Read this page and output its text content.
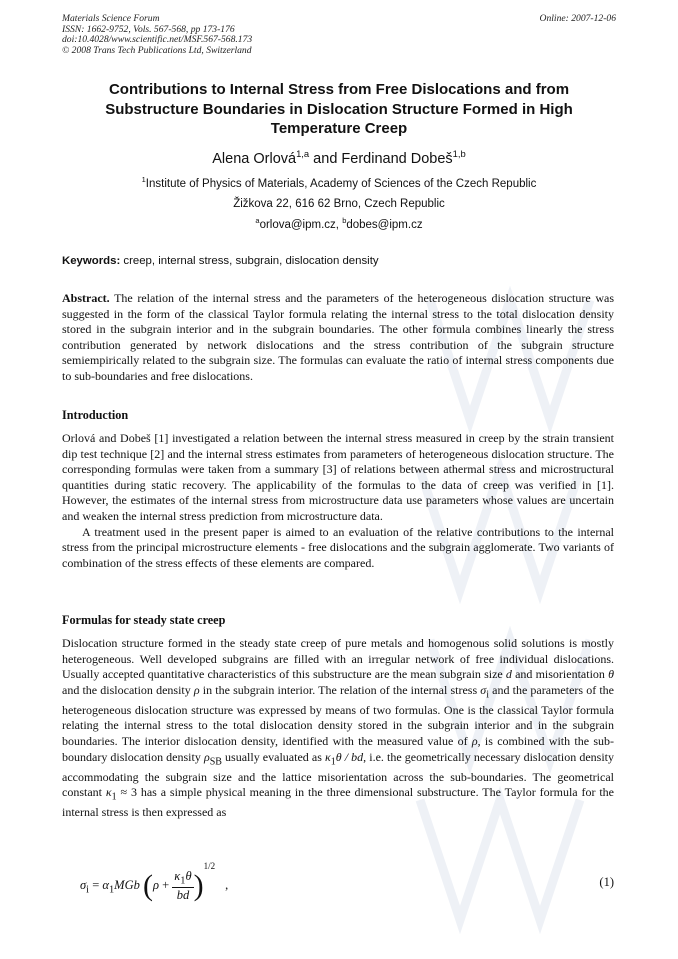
Materials Science Forum
ISSN: 1662-9752, Vols. 567-568, pp 173-176
doi:10.4028/www.scientific.net/MSF.567-568.173
© 2008 Trans Tech Publications Ltd, Switzerland
Online: 2007-12-06
Contributions to Internal Stress from Free Dislocations and from Substructure Boundaries in Dislocation Structure Formed in High Temperature Creep
Alena Orlová$^{1,a}$ and Ferdinand Dobeš$^{1,b}$
$^1$Institute of Physics of Materials, Academy of Sciences of the Czech Republic
Žižkova 22, 616 62 Brno, Czech Republic
$^a$orlova@ipm.cz, $^b$dobes@ipm.cz
Keywords: creep, internal stress, subgrain, dislocation density
Abstract. The relation of the internal stress and the parameters of the heterogeneous dislocation structure was suggested in the form of the classical Taylor formula relating the internal stress to the total dislocation density stored in the subgrain interior and in the subgrain boundaries. The other formula combines linearly the stress contribution generated by network dislocations and the stress contribution of the subgrain structure semiempirically related to the subgrain size. The formulas can evaluate the ratio of internal stress components due to sub-boundaries and free dislocations.
Introduction
Orlová and Dobeš [1] investigated a relation between the internal stress measured in creep by the strain transient dip test technique [2] and the internal stress estimates from parameters of heterogeneous dislocation structure. The corresponding formulas were taken from a summary [3] of relations between athermal stress and microstructural quantities during static recovery. The applicability of the formulas to the data of creep was verified in [1]. However, the estimates of the internal stress from microstructure data use parameters whose values are uncertain and weaken the internal stress prediction from microstructure data.
A treatment used in the present paper is aimed to an evaluation of the relative contributions to the internal stress from the principal microstructure elements - free dislocations and the subgrain agglomerate. Two variants of combination of the stress effects of these elements are compared.
Formulas for steady state creep
Dislocation structure formed in the steady state creep of pure metals and homogenous solid solutions is mostly heterogeneous. Well developed subgrains are filled with an irregular network of free individual dislocations. Usually accepted quantitative characteristics of this substructure are the mean subgrain size d and misorientation θ and the dislocation density ρ in the subgrain interior. The relation of the internal stress $\sigma_i$ and the parameters of the heterogeneous dislocation structure was expressed by means of two formulas. One is the classical Taylor formula relating the internal stress to the total dislocation density stored in the subgrain interior and in the subgrain boundaries. The interior dislocation density, identified with the measured value of ρ, is combined with the sub-boundary dislocation density $\rho_{SB}$ usually evaluated as $\kappa_1\theta$ / bd, i.e. the geometrically necessary dislocation density accommodating the subgrain size and the lattice misorientation across the sub-boundaries. The geometrical constant $\kappa_1 \approx 3$ has a simple physical meaning in the three dimensional substructure. The Taylor formula for the internal stress is then expressed as
$\sigma_i = \alpha_1MGb$ $(\rho + \frac{\kappa_1\theta}{bd} )^{1/2}$,	(1)
